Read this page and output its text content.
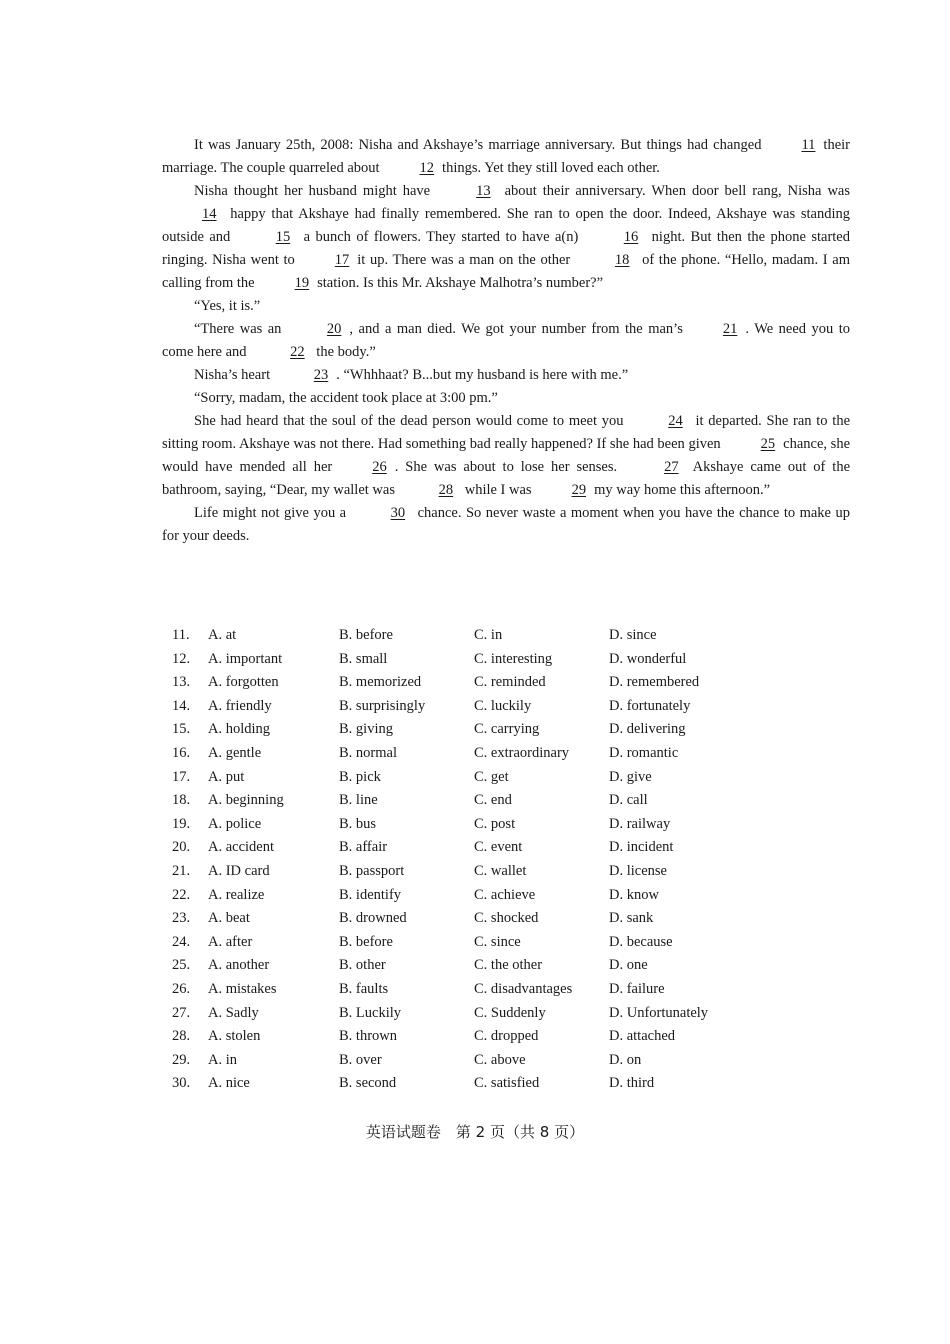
It was January 25th, 2008: Nisha and Akshaye’s marriage anniversary. But things had changed	11 their marriage. The couple quarreled about	12 things. Yet they still loved each other.

Nisha thought her husband might have	13 about their anniversary. When door bell rang, Nisha was14 happy that Akshaye had finally remembered. She ran to open the door. Indeed, Akshaye was standing outside and	15 a bunch of flowers. They started to have a(n)	16 night. But then the phone started ringing. Nisha went to	17 it up. There was a man on the other	18 of the phone. “Hello, madam. I am calling from the	19 station. Is this Mr. Akshaye Malhotra’s number?”

“Yes, it is.”

“There was an	20 , and a man died. We got your number from the man’s	21 . We need you to come here and	22 the body.”

Nisha’s heart	23 . “Whhhaat? B...but my husband is here with me.”

“Sorry, madam, the accident took place at 3:00 pm.”

She had heard that the soul of the dead person would come to meet you	24 it departed. She ran to the sitting room. Akshaye was not there. Had something bad really happened? If she had been given	25 chance, she would have mended all her	26 . She was about to lose her senses.	27 Akshaye came out of the bathroom, saying, “Dear, my wallet was	28 while I was	29 my way home this afternoon.”

Life might not give you a	30 chance. So never waste a moment when you have the chance to make up for your deeds.

11.	A. at	B. before	C. in	D. since
12.	A. important	B. small	C. interesting	D. wonderful
13.	A. forgotten	B. memorized	C. reminded	D. remembered
14.	A. friendly	B. surprisingly	C. luckily	D. fortunately
15.	A. holding	B. giving	C. carrying	D. delivering
16.	A. gentle	B. normal	C. extraordinary	D. romantic
17.	A. put	B. pick	C. get	D. give
18.	A. beginning	B. line	C. end	D. call
19.	A. police	B. bus	C. post	D. railway
20.	A. accident	B. affair	C. event	D. incident
21.	A. ID card	B. passport	C. wallet	D. license
22.	A. realize	B. identify	C. achieve	D. know
23.	A. beat	B. drowned	C. shocked	D. sank
24.	A. after	B. before	C. since	D. because
25.	A. another	B. other	C. the other	D. one
26.	A. mistakes	B. faults	C. disadvantages	D. failure
27.	A. Sadly	B. Luckily	C. Suddenly	D. Unfortunately
28.	A. stolen	B. thrown	C. dropped	D. attached
29.	A. in	B. over	C. above	D. on
30.	A. nice	B. second	C. satisfied	D. third
英语试题卷　第 2 页（共 8 页）
